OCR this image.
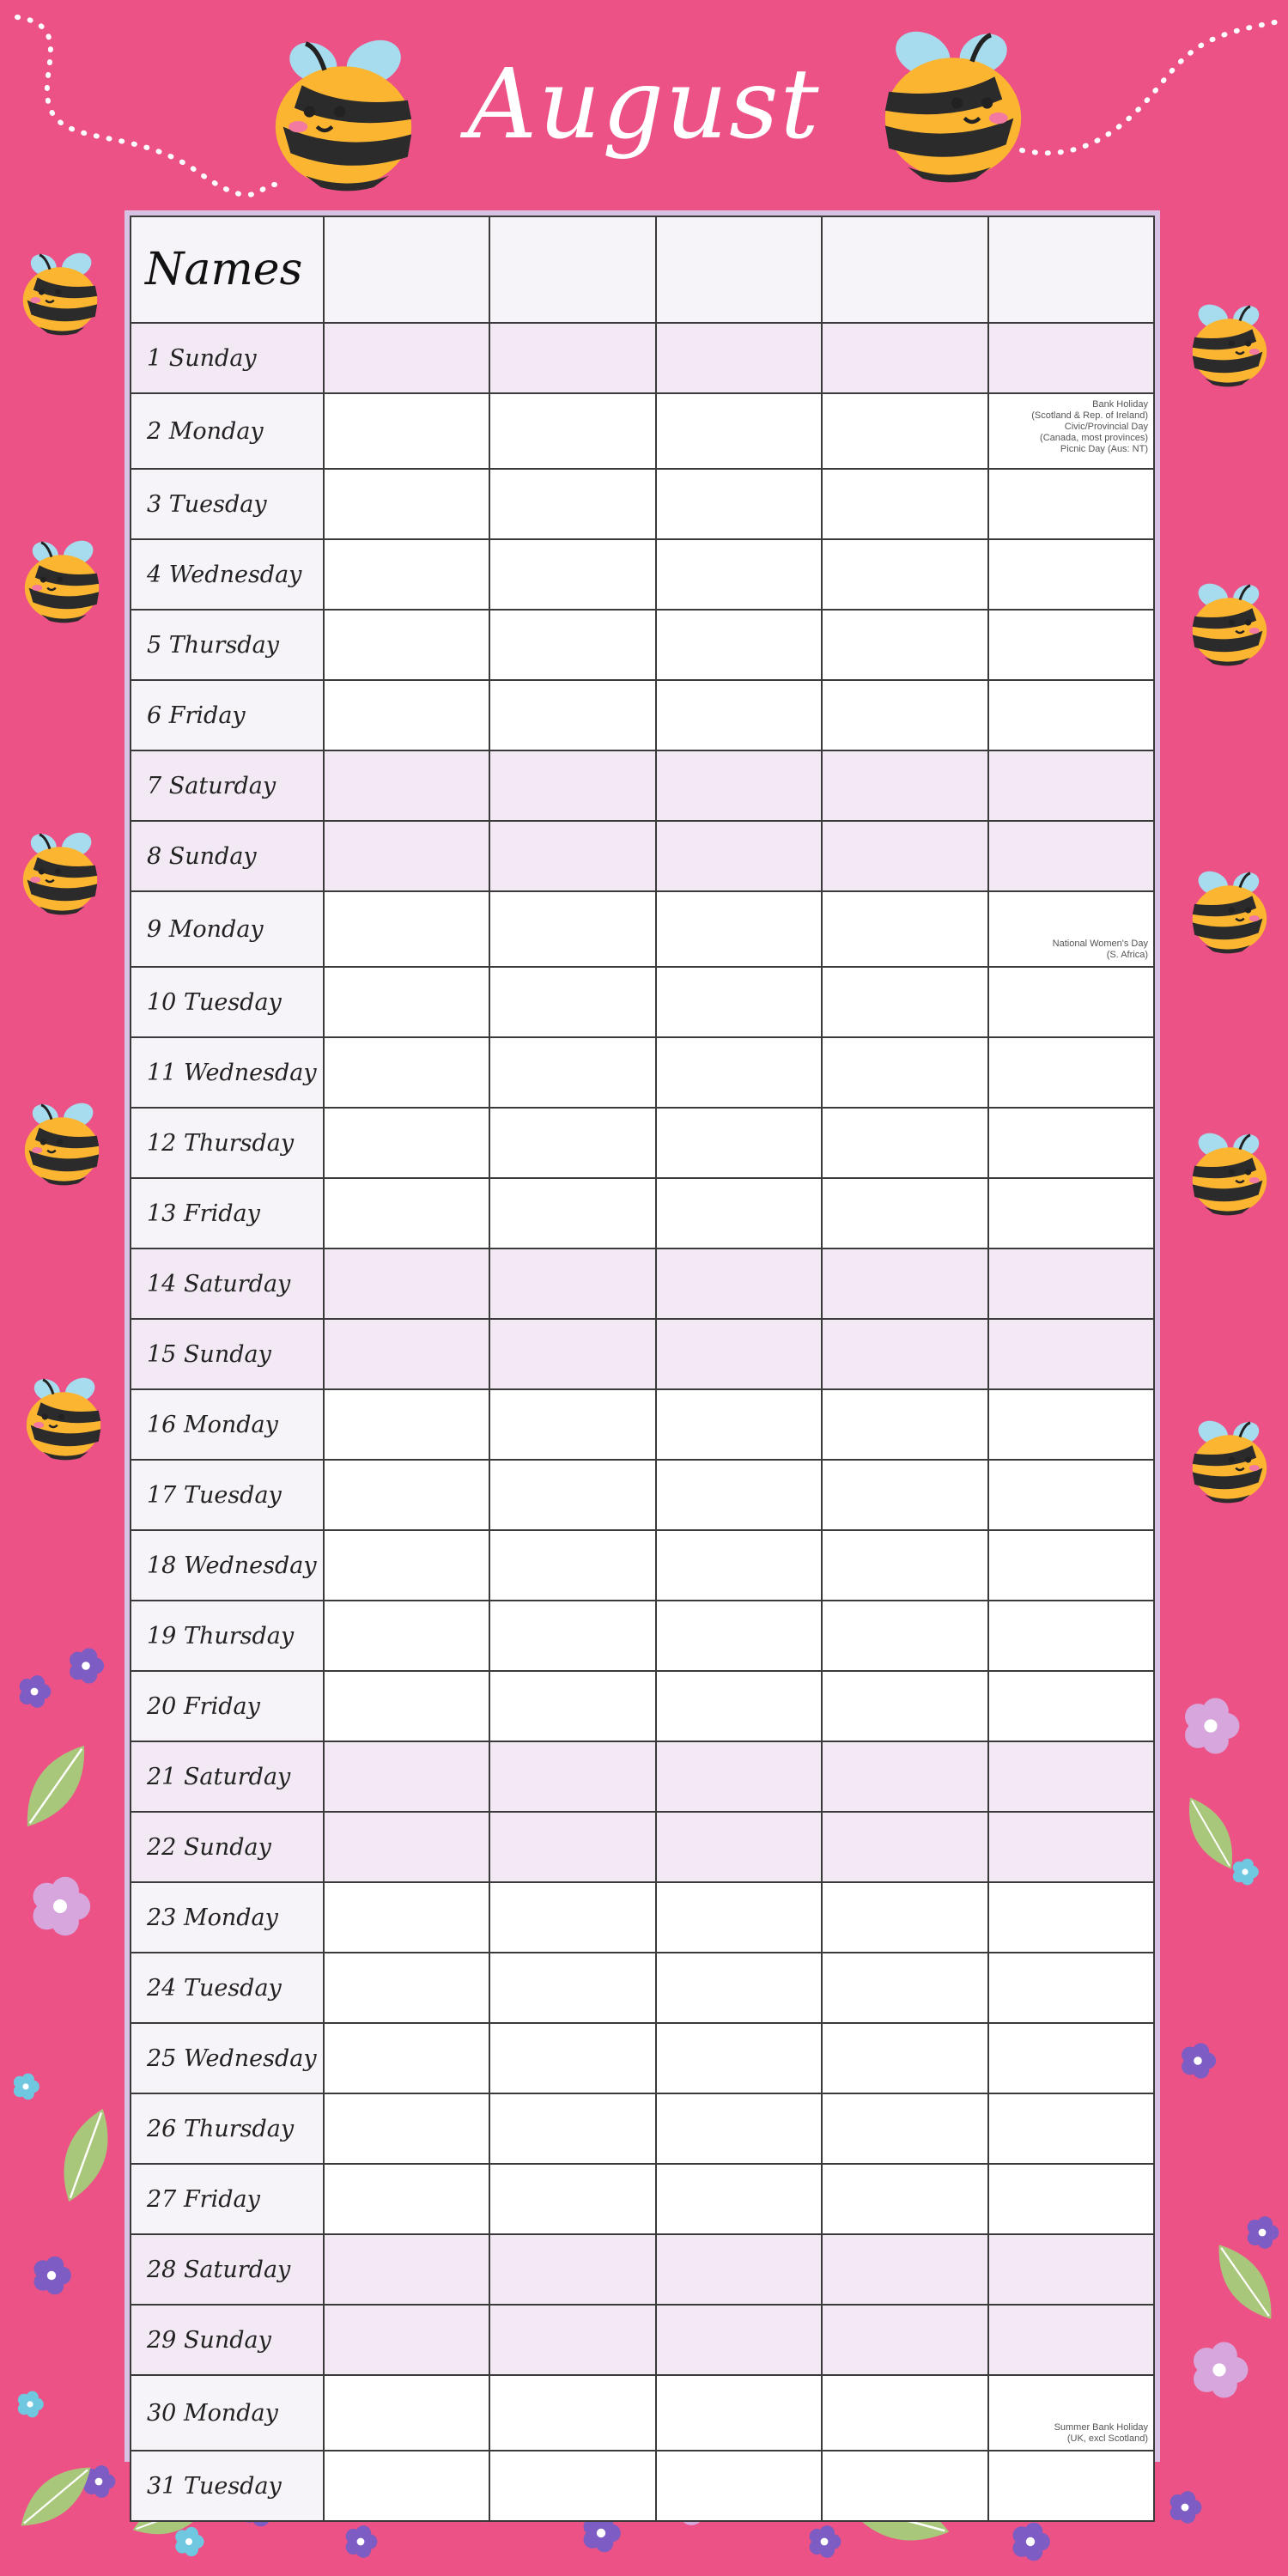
August
Names					
1 Sunday					
2 Monday					Bank Holiday
(Scotland & Rep. of Ireland)
Civic/Provincial Day
(Canada, most provinces)
Picnic Day (Aus: NT)

3 Tuesday					
4 Wednesday					
5 Thursday					
6 Friday					
7 Saturday					
8 Sunday					
9 Monday					National Women's Day
(S. Africa)

10 Tuesday					
11 Wednesday					
12 Thursday					
13 Friday					
14 Saturday					
15 Sunday					
16 Monday					
17 Tuesday					
18 Wednesday					
19 Thursday					
20 Friday					
21 Saturday					
22 Sunday					
23 Monday					
24 Tuesday					
25 Wednesday					
26 Thursday					
27 Friday					
28 Saturday					
29 Sunday					
30 Monday					Summer Bank Holiday
(UK, excl Scotland)

31 Tuesday					
